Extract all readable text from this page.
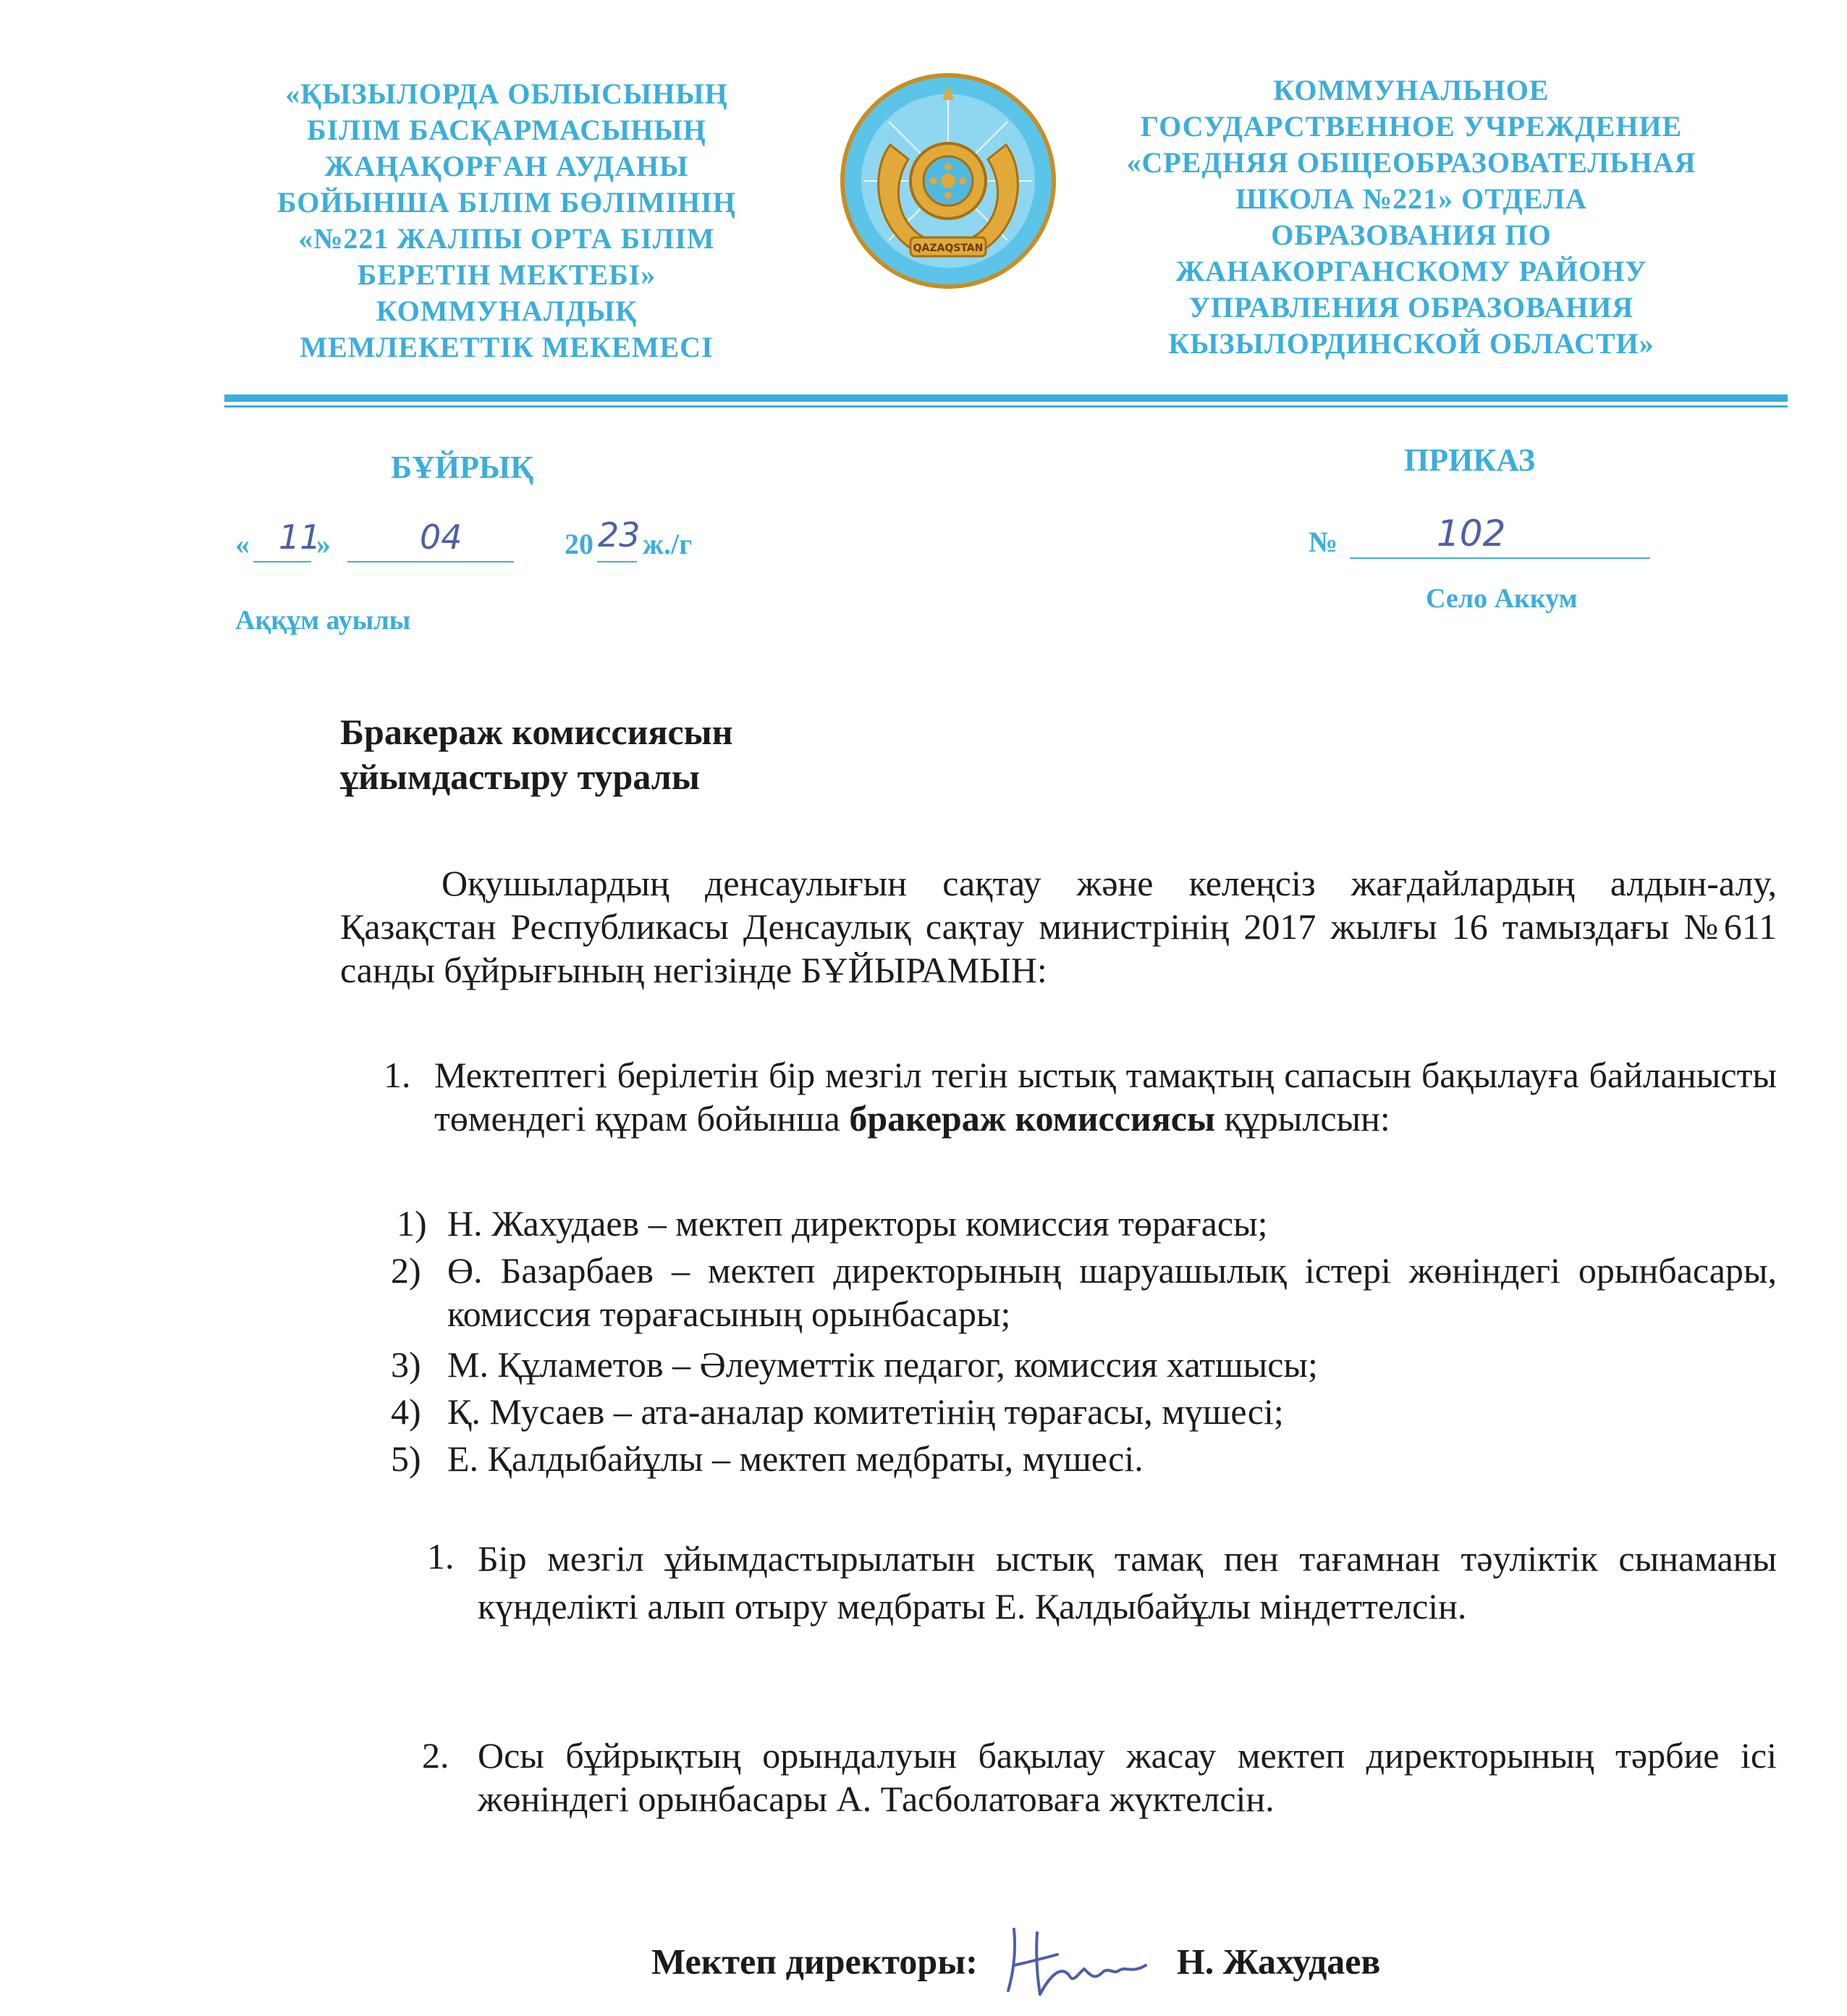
«ҚЫЗЫЛОРДА ОБЛЫСЫНЫҢ
БІЛІМ БАСҚАРМАСЫНЫҢ
ЖАҢАҚОРҒАН АУДАНЫ
БОЙЫНША БІЛІМ БӨЛІМІНІҢ
«№221 ЖАЛПЫ ОРТА БІЛІМ
БЕРЕТІН МЕКТЕБІ»
КОММУНАЛДЫҚ
МЕМЛЕКЕТТІК МЕКЕМЕСІ
QAZAQSTAN
КОММУНАЛЬНОЕ
ГОСУДАРСТВЕННОЕ УЧРЕЖДЕНИЕ
«СРЕДНЯЯ ОБЩЕОБРАЗОВАТЕЛЬНАЯ
ШКОЛА №221» ОТДЕЛА
ОБРАЗОВАНИЯ ПО
ЖАНАКОРГАНСКОМУ РАЙОНУ
УПРАВЛЕНИЯ ОБРАЗОВАНИЯ
КЫЗЫЛОРДИНСКОЙ ОБЛАСТИ»
БҰЙРЫҚ	ПРИКАЗ
« 11
»	04	20 23 ж./г	№	102
Аққұм ауылы
Село Аккум
Бракераж комиссиясын
ұйымдастыру туралы
Оқушылардың денсаулығын сақтау және келеңсіз жағдайлардың алдын-алу, Қазақстан Республикасы Денсаулық сақтау министрінің 2017 жылғы 16 тамыздағы №611 санды бұйрығының негізінде БҰЙЫРАМЫН:
1. Мектептегі берілетін бір мезгіл тегін ыстық тамақтың сапасын бақылауға байланысты төмендегі құрам бойынша бракераж комиссиясы құрылсын:
1) Н. Жахудаев – мектеп директоры комиссия төрағасы;
2) Ө. Базарбаев – мектеп директорының шаруашылық істері жөніндегі орынбасары, комиссия төрағасының орынбасары;
3) М. Құламетов – Әлеуметтік педагог, комиссия хатшысы;
4) Қ. Мусаев – ата-аналар комитетінің төрағасы, мүшесі;
5) Е. Қалдыбайұлы – мектеп медбраты, мүшесі.
1. Бір мезгіл ұйымдастырылатын ыстық тамақ пен тағамнан тәуліктік сынаманы күнделікті алып отыру медбраты Е. Қалдыбайұлы міндеттелсін.
2. Осы бұйрықтың орындалуын бақылау жасау мектеп директорының тәрбие ісі жөніндегі орынбасары А. Тасболатоваға жүктелсін.
Мектеп директоры:	Н. Жахудаев
